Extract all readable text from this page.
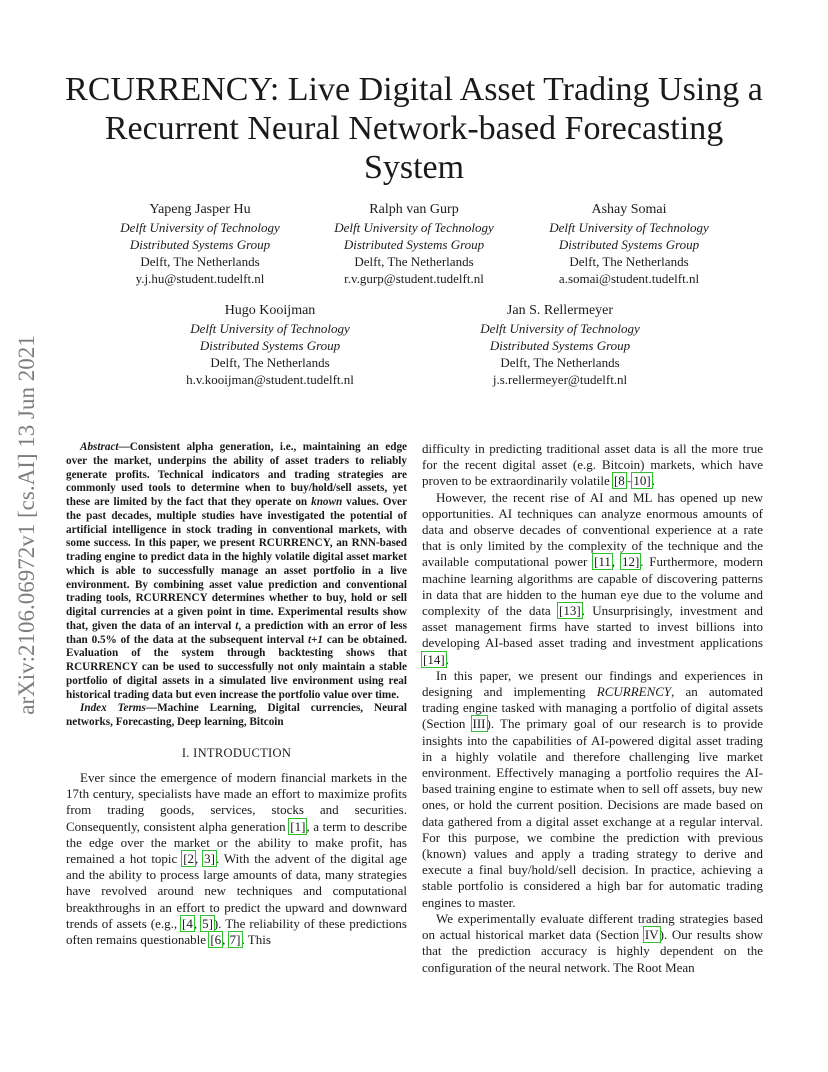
arXiv:2106.06972v1 [cs.AI] 13 Jun 2021
RCURRENCY: Live Digital Asset Trading Using a Recurrent Neural Network-based Forecasting System
Yapeng Jasper Hu
Delft University of Technology
Distributed Systems Group
Delft, The Netherlands
y.j.hu@student.tudelft.nl
Ralph van Gurp
Delft University of Technology
Distributed Systems Group
Delft, The Netherlands
r.v.gurp@student.tudelft.nl
Ashay Somai
Delft University of Technology
Distributed Systems Group
Delft, The Netherlands
a.somai@student.tudelft.nl
Hugo Kooijman
Delft University of Technology
Distributed Systems Group
Delft, The Netherlands
h.v.kooijman@student.tudelft.nl
Jan S. Rellermeyer
Delft University of Technology
Distributed Systems Group
Delft, The Netherlands
j.s.rellermeyer@tudelft.nl

Abstract—Consistent alpha generation, i.e., maintaining an edge over the market, underpins the ability of asset traders to reliably generate profits. Technical indicators and trading strategies are commonly used tools to determine when to buy/hold/sell assets, yet these are limited by the fact that they operate on known values. Over the past decades, multiple studies have investigated the potential of artificial intelligence in stock trading in conventional markets, with some success. In this paper, we present RCURRENCY, an RNN-based trading engine to predict data in the highly volatile digital asset market which is able to successfully manage an asset portfolio in a live environment. By combining asset value prediction and conventional trading tools, RCURRENCY determines whether to buy, hold or sell digital currencies at a given point in time. Experimental results show that, given the data of an interval t, a prediction with an error of less than 0.5% of the data at the subsequent interval t+1 can be obtained. Evaluation of the system through backtesting shows that RCURRENCY can be used to successfully not only maintain a stable portfolio of digital assets in a simulated live environment using real historical trading data but even increase the portfolio value over time.

Index Terms—Machine Learning, Digital currencies, Neural networks, Forecasting, Deep learning, Bitcoin

I. INTRODUCTION

Ever since the emergence of modern financial markets in the 17th century, specialists have made an effort to maximize profits from trading goods, services, stocks and securities. Consequently, consistent alpha generation [1], a term to describe the edge over the market or the ability to make profit, has remained a hot topic [2, 3]. With the advent of the digital age and the ability to process large amounts of data, many strategies have revolved around new techniques and computational breakthroughs in an effort to predict the upward and downward trends of assets (e.g., [4, 5]). The reliability of these predictions often remains questionable [6, 7]. This

difficulty in predicting traditional asset data is all the more true for the recent digital asset (e.g. Bitcoin) markets, which have proven to be extraordinarily volatile [8–10].

However, the recent rise of AI and ML has opened up new opportunities. AI techniques can analyze enormous amounts of data and observe decades of conventional experience at a rate that is only limited by the complexity of the technique and the available computational power [11, 12]. Furthermore, modern machine learning algorithms are capable of discovering patterns in data that are hidden to the human eye due to the volume and complexity of the data [13]. Unsurprisingly, investment and asset management firms have started to invest billions into developing AI-based asset trading and investment applications [14].

In this paper, we present our findings and experiences in designing and implementing RCURRENCY, an automated trading engine tasked with managing a portfolio of digital assets (Section III). The primary goal of our research is to provide insights into the capabilities of AI-powered digital asset trading in a highly volatile and therefore challenging live market environment. Effectively managing a portfolio requires the AI-based training engine to estimate when to sell off assets, buy new ones, or hold the current position. Decisions are made based on data gathered from a digital asset exchange at a regular interval. For this purpose, we combine the prediction with previous (known) values and apply a trading strategy to derive and execute a final buy/hold/sell decision. In practice, achieving a stable portfolio is considered a high bar for automatic trading engines to master.

We experimentally evaluate different trading strategies based on actual historical market data (Section IV). Our results show that the prediction accuracy is highly dependent on the configuration of the neural network. The Root Mean
